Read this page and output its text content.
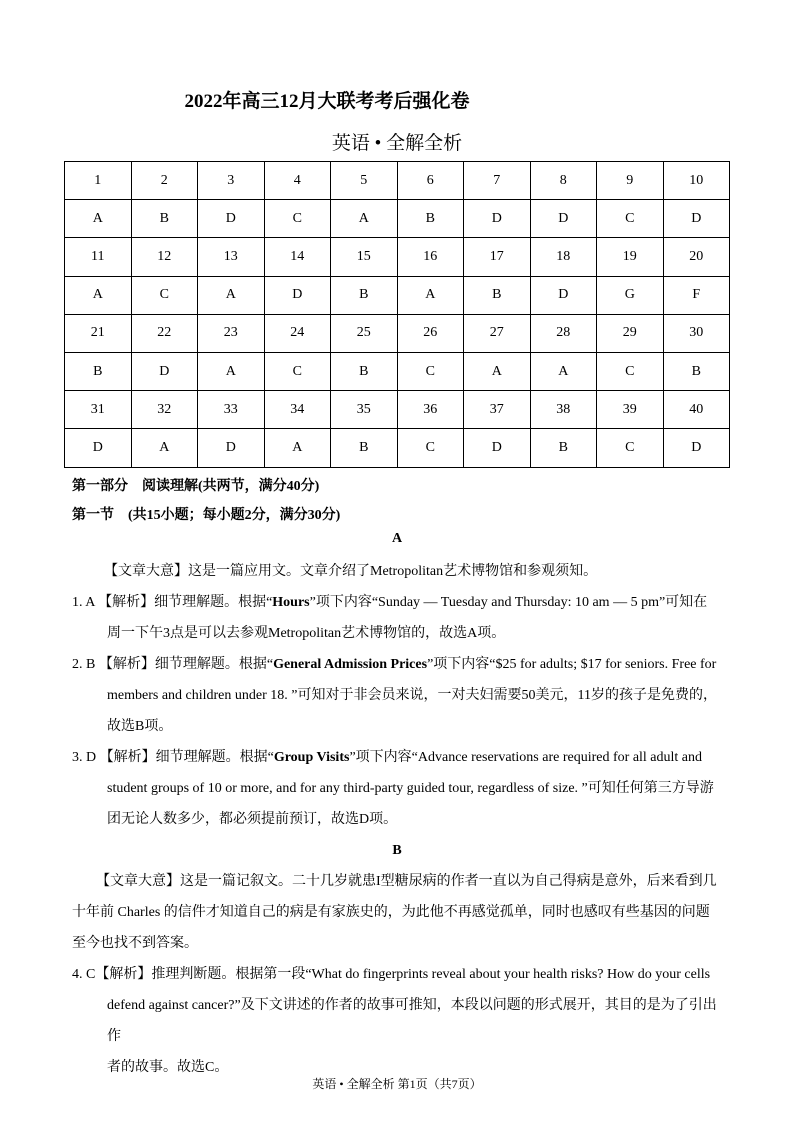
2022年高三12月大联考考后强化卷
英语 • 全解全析
1	2	3	4	5	6	7	8	9	10
A	B	D	C	A	B	D	D	C	D
11	12	13	14	15	16	17	18	19	20
A	C	A	D	B	A	B	D	G	F
21	22	23	24	25	26	27	28	29	30
B	D	A	C	B	C	A	A	C	B
31	32	33	34	35	36	37	38	39	40
D	A	D	A	B	C	D	B	C	D
第一部分　阅读理解(共两节，满分40分)
第一节　(共15小题；每小题2分，满分30分)
A
【文章大意】这是一篇应用文。文章介绍了Metropolitan艺术博物馆和参观须知。
1. A 【解析】细节理解题。根据“Hours”项下内容“Sunday — Tuesday and Thursday: 10 am — 5 pm”可知在
周一下午3点是可以去参观Metropolitan艺术博物馆的，故选A项。
2. B 【解析】细节理解题。根据“General Admission Prices”项下内容“$25 for adults; $17 for seniors. Free for
members and children under 18. ”可知对于非会员来说，一对夫妇需要50美元，11岁的孩子是免费的，
故选B项。
3. D 【解析】细节理解题。根据“Group Visits”项下内容“Advance reservations are required for all adult and
student groups of 10 or more, and for any third-party guided tour, regardless of size. ”可知任何第三方导游
团无论人数多少，都必须提前预订，故选D项。
B
【文章大意】这是一篇记叙文。二十几岁就患I型糖尿病的作者一直以为自己得病是意外，后来看到几
十年前 Charles 的信件才知道自己的病是有家族史的，为此他不再感觉孤单，同时也感叹有些基因的问题
至今也找不到答案。
4. C【解析】推理判断题。根据第一段“What do fingerprints reveal about your health risks? How do your cells
defend against cancer?”及下文讲述的作者的故事可推知，本段以问题的形式展开，其目的是为了引出作
者的故事。故选C。
英语 • 全解全析 第1页（共7页）
